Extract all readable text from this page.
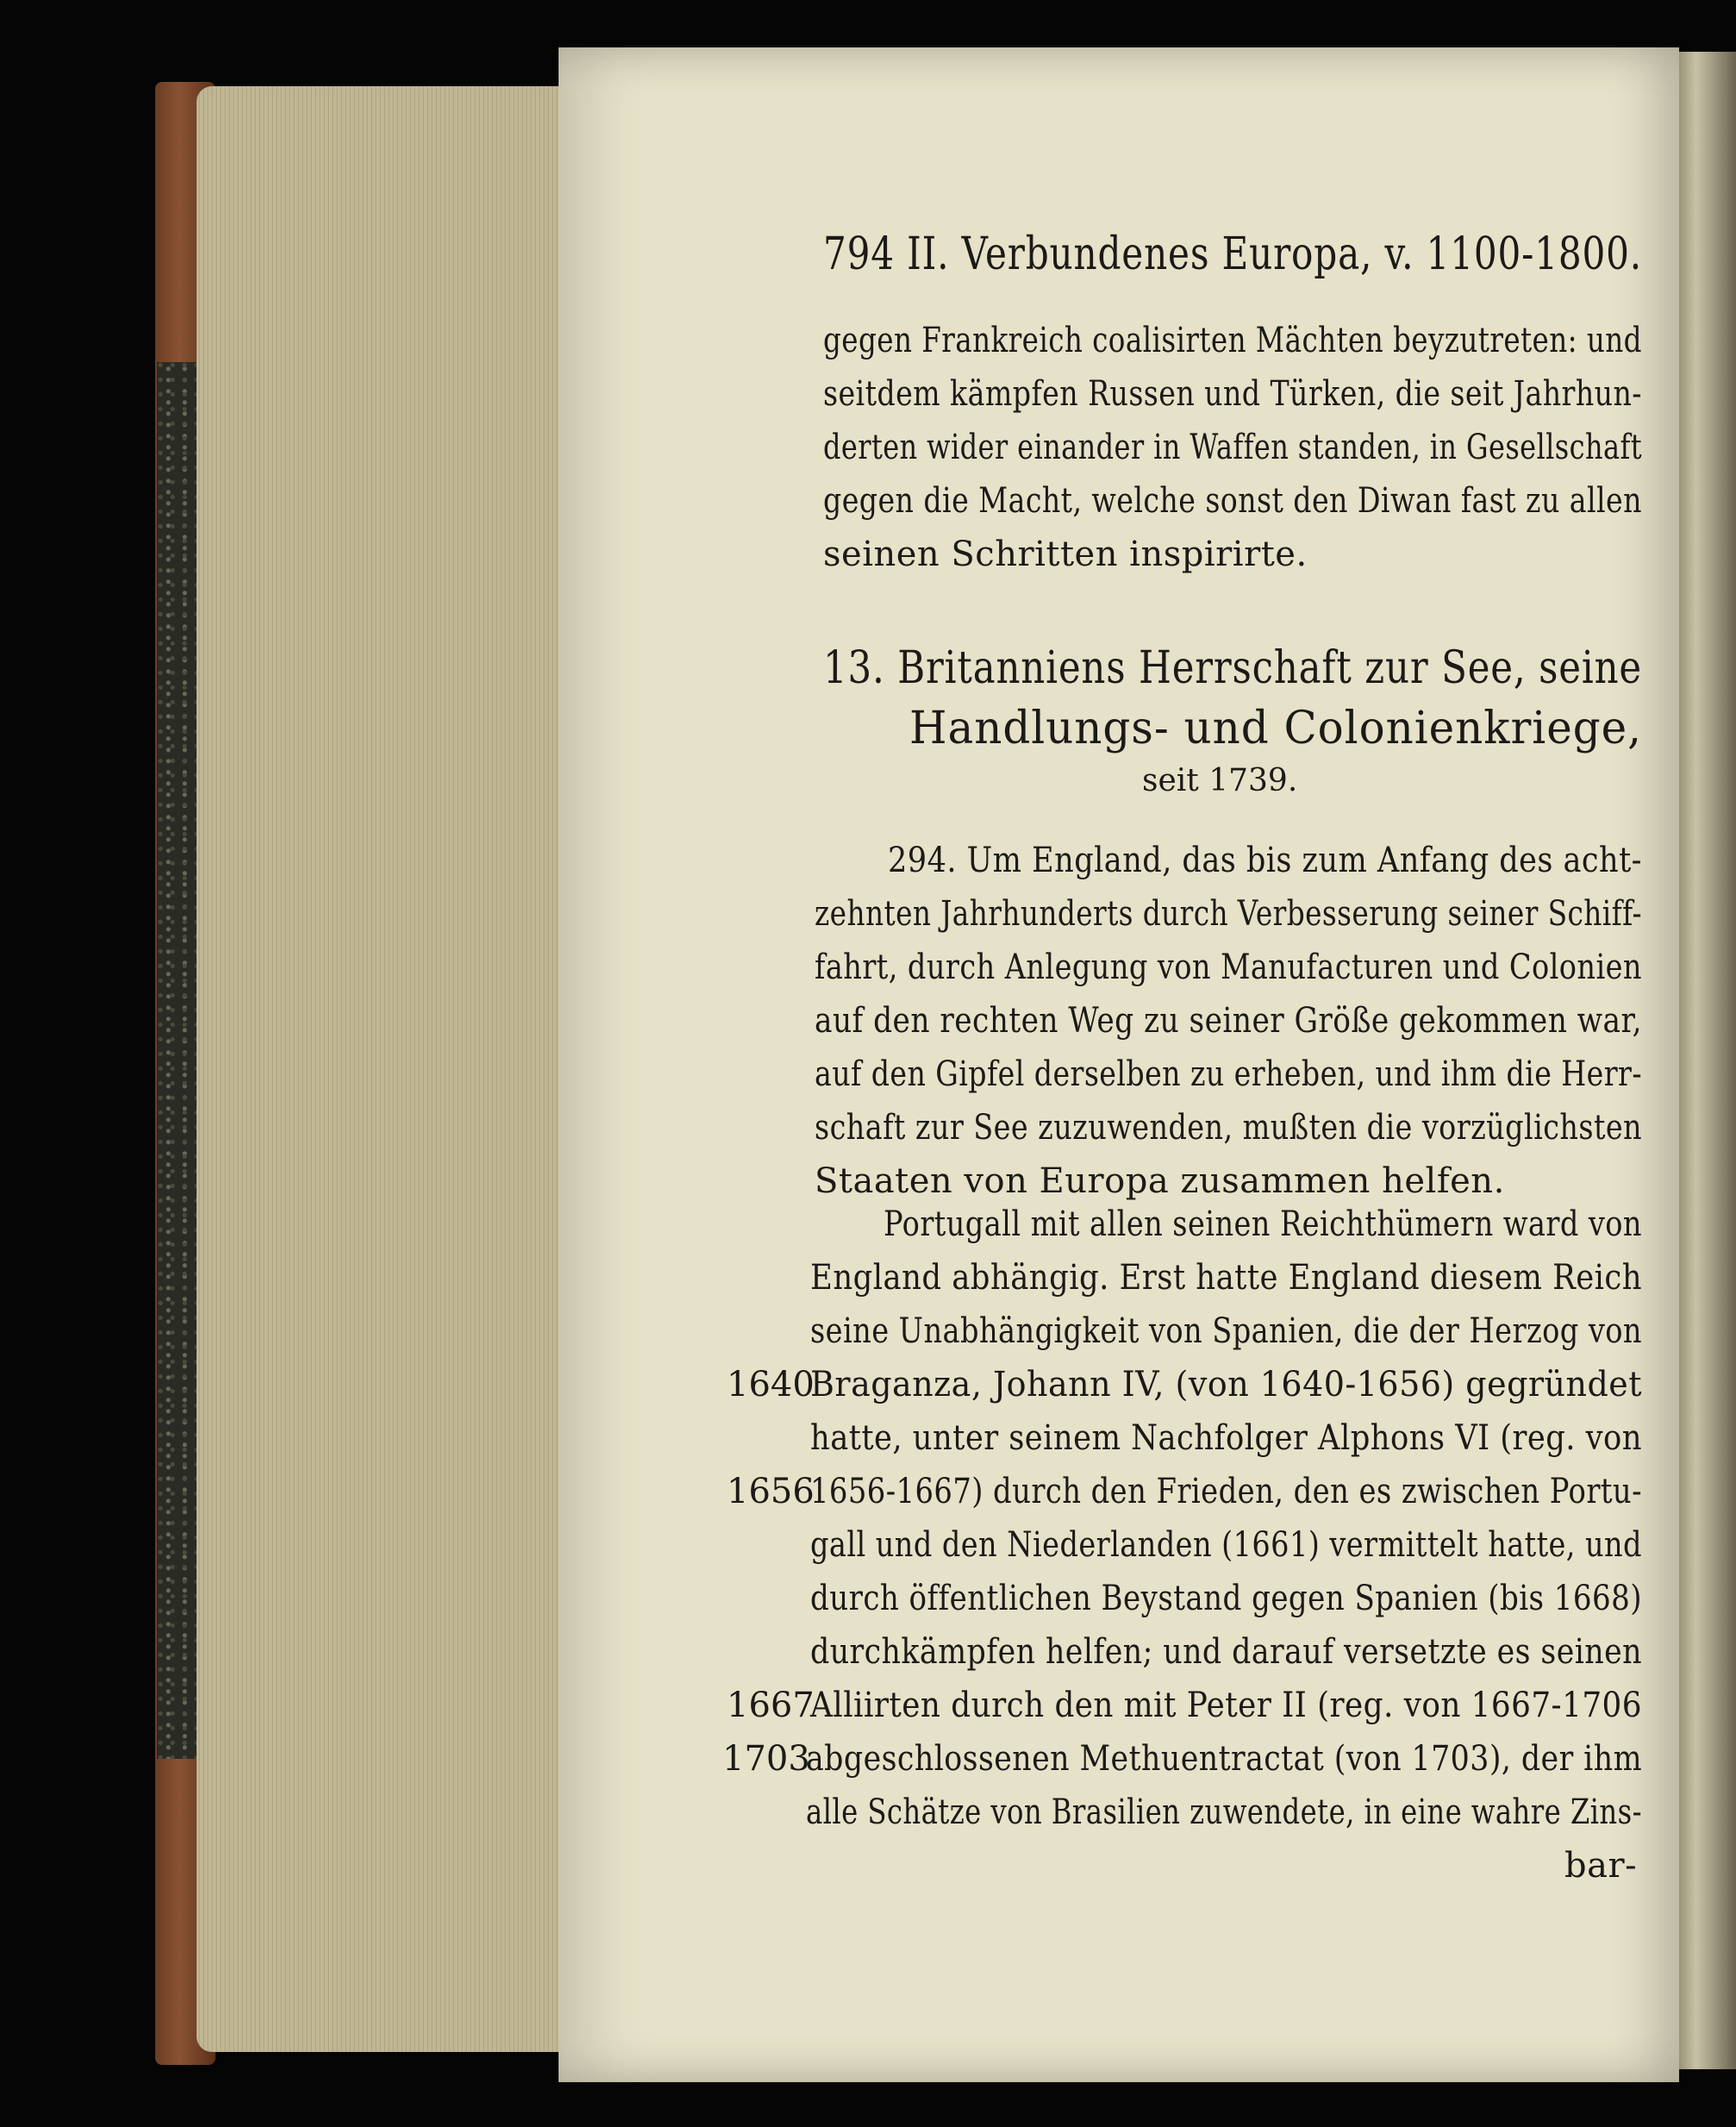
794 II. Verbundenes Europa, v. 1100-1800.
gegen Frankreich coalisirten Mächten beyzutreten: und
seitdem kämpfen Russen und Türken, die seit Jahrhun-
derten wider einander in Waffen standen, in Gesellschaft
gegen die Macht, welche sonst den Diwan fast zu allen
seinen Schritten inspirirte.
13. Britanniens Herrschaft zur See, seine
Handlungs- und Colonienkriege,
seit 1739.
294. Um England, das bis zum Anfang des acht-
zehnten Jahrhunderts durch Verbesserung seiner Schiff-
fahrt, durch Anlegung von Manufacturen und Colonien
auf den rechten Weg zu seiner Größe gekommen war,
auf den Gipfel derselben zu erheben, und ihm die Herr-
schaft zur See zuzuwenden, mußten die vorzüglichsten
Staaten von Europa zusammen helfen.
Portugall mit allen seinen Reichthümern ward von
England abhängig. Erst hatte England diesem Reich
seine Unabhängigkeit von Spanien, die der Herzog von
Braganza, Johann IV, (von 1640-1656) gegründet
hatte, unter seinem Nachfolger Alphons VI (reg. von
1656-1667) durch den Frieden, den es zwischen Portu-
gall und den Niederlanden (1661) vermittelt hatte, und
durch öffentlichen Beystand gegen Spanien (bis 1668)
durchkämpfen helfen; und darauf versetzte es seinen
Alliirten durch den mit Peter II (reg. von 1667-1706
abgeschlossenen Methuentractat (von 1703), der ihm
alle Schätze von Brasilien zuwendete, in eine wahre Zins-
bar-
1640
1656
1667
1703
